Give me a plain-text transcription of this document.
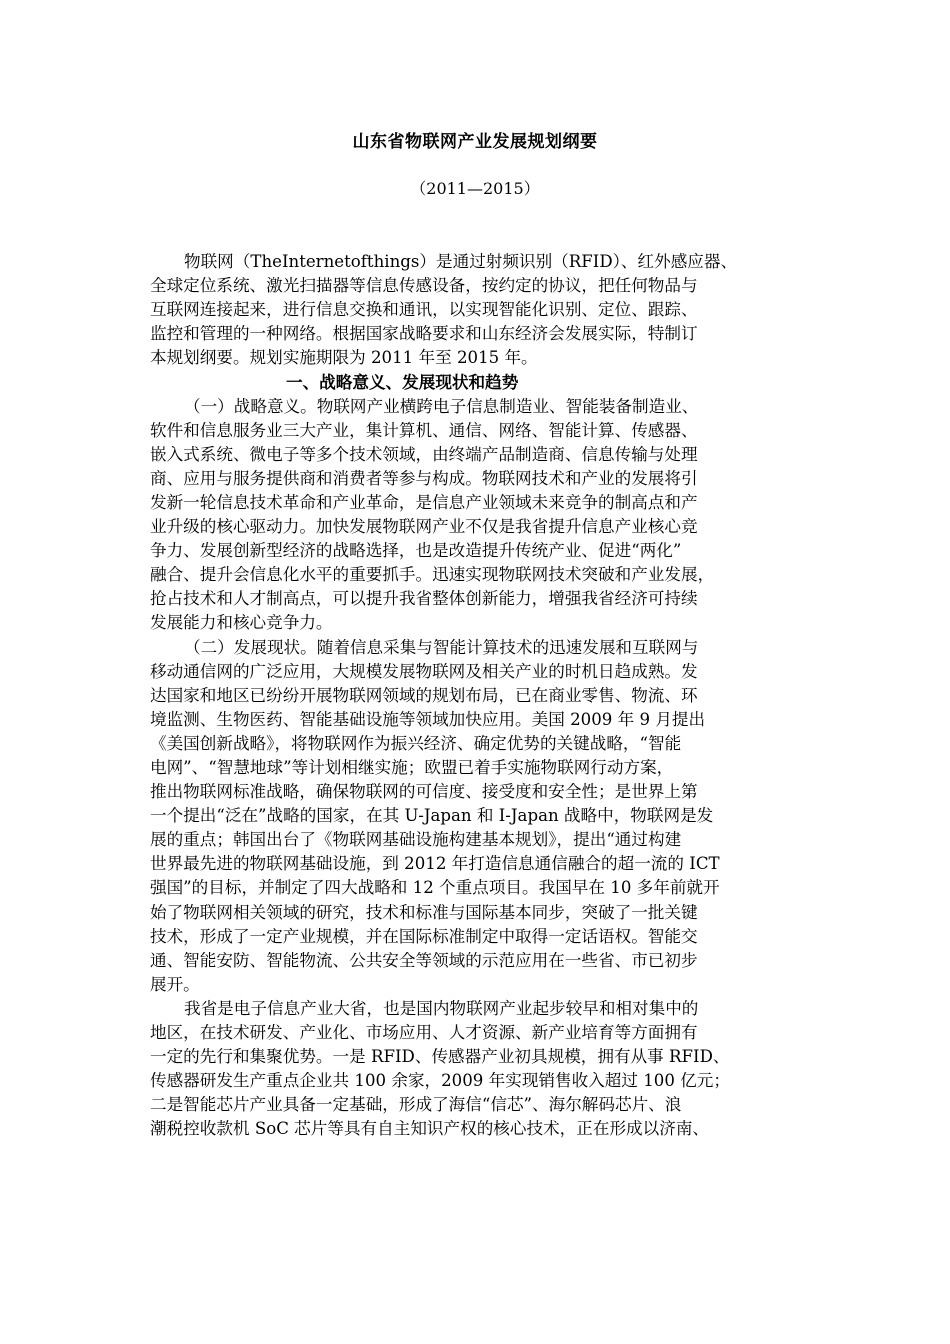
山东省物联网产业发展规划纲要
（2011—2015）
物联网（TheInternetofthings）是通过射频识别（RFID）、红外感应器、
全球定位系统、激光扫描器等信息传感设备，按约定的协议，把任何物品与
互联网连接起来，进行信息交换和通讯，以实现智能化识别、定位、跟踪、
监控和管理的一种网络。根据国家战略要求和山东经济会发展实际，特制订
本规划纲要。规划实施期限为 2011 年至 2015 年。
一、战略意义、发展现状和趋势
（一）战略意义。物联网产业横跨电子信息制造业、智能装备制造业、
软件和信息服务业三大产业，集计算机、通信、网络、智能计算、传感器、
嵌入式系统、微电子等多个技术领域，由终端产品制造商、信息传输与处理
商、应用与服务提供商和消费者等参与构成。物联网技术和产业的发展将引
发新一轮信息技术革命和产业革命，是信息产业领域未来竞争的制高点和产
业升级的核心驱动力。加快发展物联网产业不仅是我省提升信息产业核心竞
争力、发展创新型经济的战略选择，也是改造提升传统产业、促进“两化”
融合、提升会信息化水平的重要抓手。迅速实现物联网技术突破和产业发展，
抢占技术和人才制高点，可以提升我省整体创新能力，增强我省经济可持续
发展能力和核心竞争力。
（二）发展现状。随着信息采集与智能计算技术的迅速发展和互联网与
移动通信网的广泛应用，大规模发展物联网及相关产业的时机日趋成熟。发
达国家和地区已纷纷开展物联网领域的规划布局，已在商业零售、物流、环
境监测、生物医药、智能基础设施等领域加快应用。美国 2009 年 9 月提出
《美国创新战略》，将物联网作为振兴经济、确定优势的关键战略，“智能
电网”、“智慧地球”等计划相继实施；欧盟已着手实施物联网行动方案，
推出物联网标准战略，确保物联网的可信度、接受度和安全性；是世界上第
一个提出“泛在”战略的国家，在其 U-Japan 和 I-Japan 战略中，物联网是发
展的重点；韩国出台了《物联网基础设施构建基本规划》，提出“通过构建
世界最先进的物联网基础设施，到 2012 年打造信息通信融合的超一流的 ICT
强国”的目标，并制定了四大战略和 12 个重点项目。我国早在 10 多年前就开
始了物联网相关领域的研究，技术和标准与国际基本同步，突破了一批关键
技术，形成了一定产业规模，并在国际标准制定中取得一定话语权。智能交
通、智能安防、智能物流、公共安全等领域的示范应用在一些省、市已初步
展开。
我省是电子信息产业大省，也是国内物联网产业起步较早和相对集中的
地区，在技术研发、产业化、市场应用、人才资源、新产业培育等方面拥有
一定的先行和集聚优势。一是 RFID、传感器产业初具规模，拥有从事 RFID、
传感器研发生产重点企业共 100 余家，2009 年实现销售收入超过 100 亿元；
二是智能芯片产业具备一定基础，形成了海信“信芯”、海尔解码芯片、浪
潮税控收款机 SoC 芯片等具有自主知识产权的核心技术，正在形成以济南、
